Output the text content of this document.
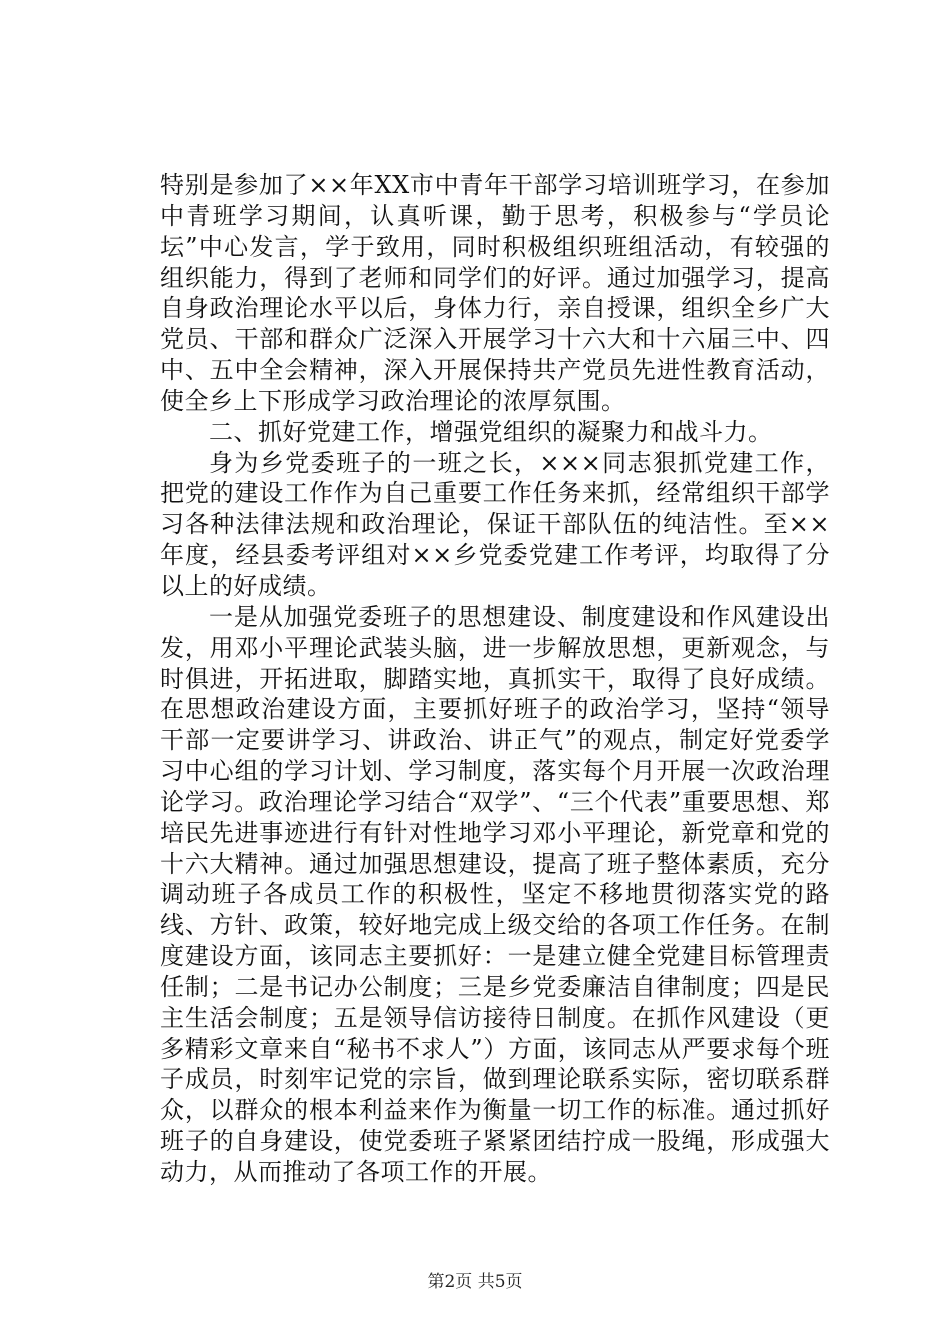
特别是参加了××年XX市中青年干部学习培训班学习，在参加中青班学习期间，认真听课，勤于思考，积极参与“学员论坛”中心发言，学于致用，同时积极组织班组活动，有较强的组织能力，得到了老师和同学们的好评。通过加强学习，提高自身政治理论水平以后，身体力行，亲自授课，组织全乡广大党员、干部和群众广泛深入开展学习十六大和十六届三中、四中、五中全会精神，深入开展保持共产党员先进性教育活动，使全乡上下形成学习政治理论的浓厚氛围。

二、抓好党建工作，增强党组织的凝聚力和战斗力。

身为乡党委班子的一班之长，×××同志狠抓党建工作，把党的建设工作作为自己重要工作任务来抓，经常组织干部学习各种法律法规和政治理论，保证干部队伍的纯洁性。至××年度，经县委考评组对××乡党委党建工作考评，均取得了分以上的好成绩。

一是从加强党委班子的思想建设、制度建设和作风建设出发，用邓小平理论武装头脑，进一步解放思想，更新观念，与时俱进，开拓进取，脚踏实地，真抓实干，取得了良好成绩。在思想政治建设方面，主要抓好班子的政治学习，坚持“领导干部一定要讲学习、讲政治、讲正气”的观点，制定好党委学习中心组的学习计划、学习制度，落实每个月开展一次政治理论学习。政治理论学习结合“双学”、“三个代表”重要思想、郑培民先进事迹进行有针对性地学习邓小平理论，新党章和党的十六大精神。通过加强思想建设，提高了班子整体素质，充分调动班子各成员工作的积极性，坚定不移地贯彻落实党的路线、方针、政策，较好地完成上级交给的各项工作任务。在制度建设方面，该同志主要抓好：一是建立健全党建目标管理责任制；二是书记办公制度；三是乡党委廉洁自律制度；四是民主生活会制度；五是领导信访接待日制度。在抓作风建设（更多精彩文章来自“秘书不求人”）方面，该同志从严要求每个班子成员，时刻牢记党的宗旨，做到理论联系实际，密切联系群众，以群众的根本利益来作为衡量一切工作的标准。通过抓好班子的自身建设，使党委班子紧紧团结拧成一股绳，形成强大动力，从而推动了各项工作的开展。

第2页 共5页
